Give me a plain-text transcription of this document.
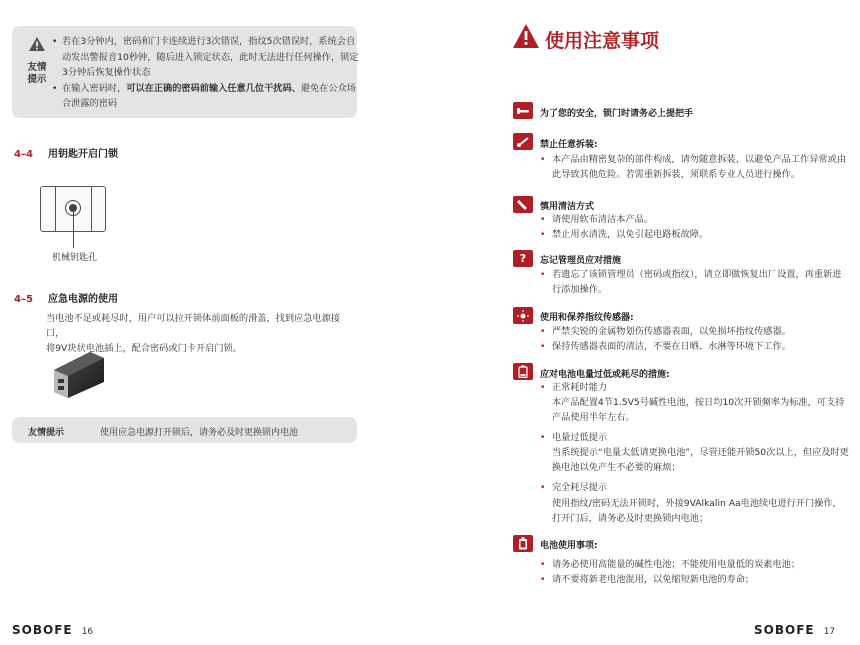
友情
提示
• 若在3分钟内，密码和门卡连续进行3次错误，指纹5次错误时，系统会自动发出警报音10秒钟，随后进入锁定状态，此时无法进行任何操作，锁定3分钟后恢复操作状态
• 在输入密码时，可以在正确的密码前输入任意几位干扰码、避免在公众场合泄露的密码
4–4 用钥匙开启门锁
机械钥匙孔
4–5 应急电源的使用
当电池不足或耗尽时，用户可以拉开锁体前面板的滑盖，找到应急电源接口，
将9V块状电池插上，配合密码或门卡开启门锁。
友情提示	使用应急电源打开锁后，请务必及时更换锁内电池
SOBOFE 16
使用注意事项
为了您的安全，锁门时请务必上提把手
禁止任意拆装:
• 本产品由精密复杂的部件构成，请勿随意拆装，以避免产品工作异常或由此导致其他危险。若需重新拆装，须联系专业人员进行操作。
慎用清洁方式
• 请使用软布清洁本产品。
• 禁止用水清洗，以免引起电路板故障。
?	忘记管理员应对措施
• 若遗忘了该锁管理员（密码或指纹），请立即做恢复出厂设置，再重新进行添加操作。
使用和保养指纹传感器:
• 严禁尖锐的金属物划伤传感器表面，以免损坏指纹传感器。
• 保持传感器表面的清洁，不要在日晒、水淋等环境下工作。
应对电池电量过低或耗尽的措施:
• 正常耗时能力
本产品配置4节1.5V5号碱性电池，按日均10次开锁频率为标准，可支持产品使用半年左右。
• 电量过低提示
当系统提示“电量太低请更换电池”，尽管还能开锁50次以上，但应及时更换电池以免产生不必要的麻烦；
• 完全耗尽提示
使用指纹/密码无法开锁时，外接9VAlkalin Aa电池续电进行开门操作，打开门后，请务必及时更换锁内电池；
电池使用事项:
• 请务必使用高能量的碱性电池；不能使用电量低的炭素电池；
• 请不要将新老电池混用，以免缩短新电池的寿命；
SOBOFE 17
